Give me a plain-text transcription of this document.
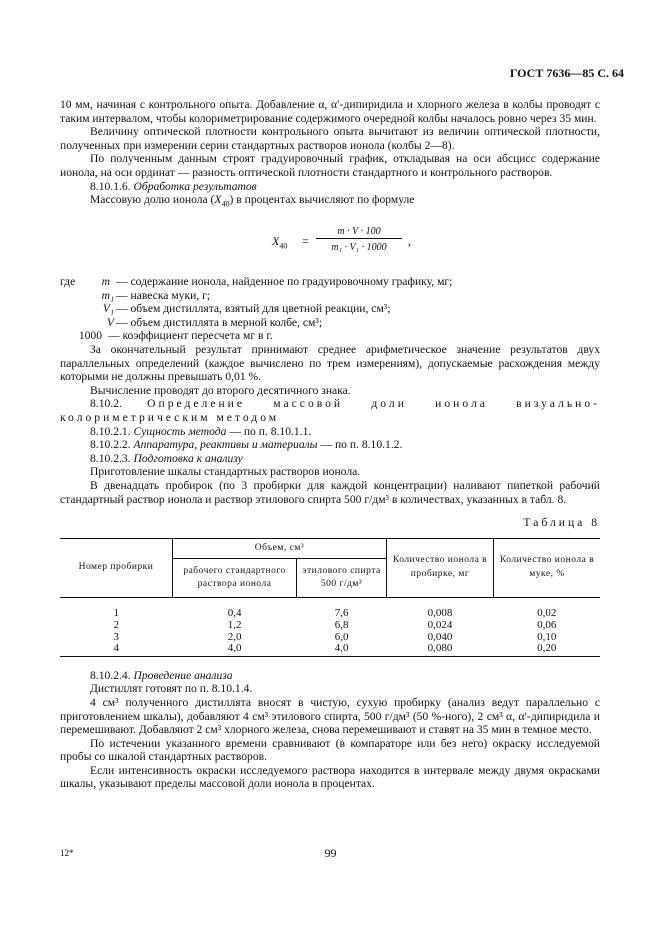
ГОСТ 7636—85 С. 64

10 мм, начиная с контрольного опыта. Добавление α, α′-дипиридила и хлорного железа в колбы проводят с таким интервалом, чтобы колориметрирование содержимого очередной колбы началось ровно через 35 мин.

Величину оптической плотности контрольного опыта вычитают из величин оптической плотности, полученных при измерении серии стандартных растворов ионола (колбы 2—8).

По полученным данным строят градуировочный график, откладывая на оси абсцисс содержание ионола, на оси ординат — разность оптической плотности стандартного и контрольного растворов.

8.10.1.6. Обработка результатов

Массовую долю ионола $(X_{40})$ в процентах вычисляют по формуле

$X_{40}$ =
m · V · 100
m₁ · V₁ · 1000	,
где	m — содержание ионола, найденное по градуировочному графику, мг;
m₁ — навеска муки, г;
V₁ — объем дистиллята, взятый для цветной реакции, см³;
V — объем дистиллята в мерной колбе, см³;
1000 — коэффициент пересчета мг в г.

За окончательный результат принимают среднее арифметическое значение результатов двух параллельных определений (каждое вычислено по трем измерениям), допускаемые расхождения между которыми не должны превышать 0,01 %.

Вычисление проводят до второго десятичного знака.

8.10.2. Определение массовой доли ионола визуально-колориметрическим методом

8.10.2.1. Сущность метода — по п. 8.10.1.1.

8.10.2.2. Аппаратура, реактивы и материалы — по п. 8.10.1.2.

8.10.2.3. Подготовка к анализу

Приготовление шкалы стандартных растворов ионола.

В двенадцать пробирок (по 3 пробирки для каждой концентрации) наливают пипеткой рабочий стандартный раствор ионола и раствор этилового спирта 500 г/дм³ в количествах, указанных в табл. 8.

Таблица 8
Номер пробирки	Объем, см³		Количество ионола в пробирке, мг	Количество ионола в муке, %
	рабочего стандартного раствора ионола	этилового спирта 500 г/дм³		
1	0,4	7,6	0,008	0,02
2	1,2	6,8	0,024	0,06
3	2,0	6,0	0,040	0,10
4	4,0	4,0	0,080	0,20

8.10.2.4. Проведение анализа

Дистиллят готовят по п. 8.10.1.4.

4 см³ полученного дистиллята вносят в чистую, сухую пробирку (анализ ведут параллельно с приготовлением шкалы), добавляют 4 см³ этилового спирта, 500 г/дм³ (50 %-ного), 2 см³ α, α′-дипиридила и перемешивают. Добавляют 2 см³ хлорного железа, снова перемешивают и ставят на 35 мин в темное место.

По истечении указанного времени сравнивают (в компараторе или без него) окраску исследуемой пробы со шкалой стандартных растворов.

Если интенсивность окраски исследуемого раствора находится в интервале между двумя окрасками шкалы, указывают пределы массовой доли ионола в процентах.

12*	99
